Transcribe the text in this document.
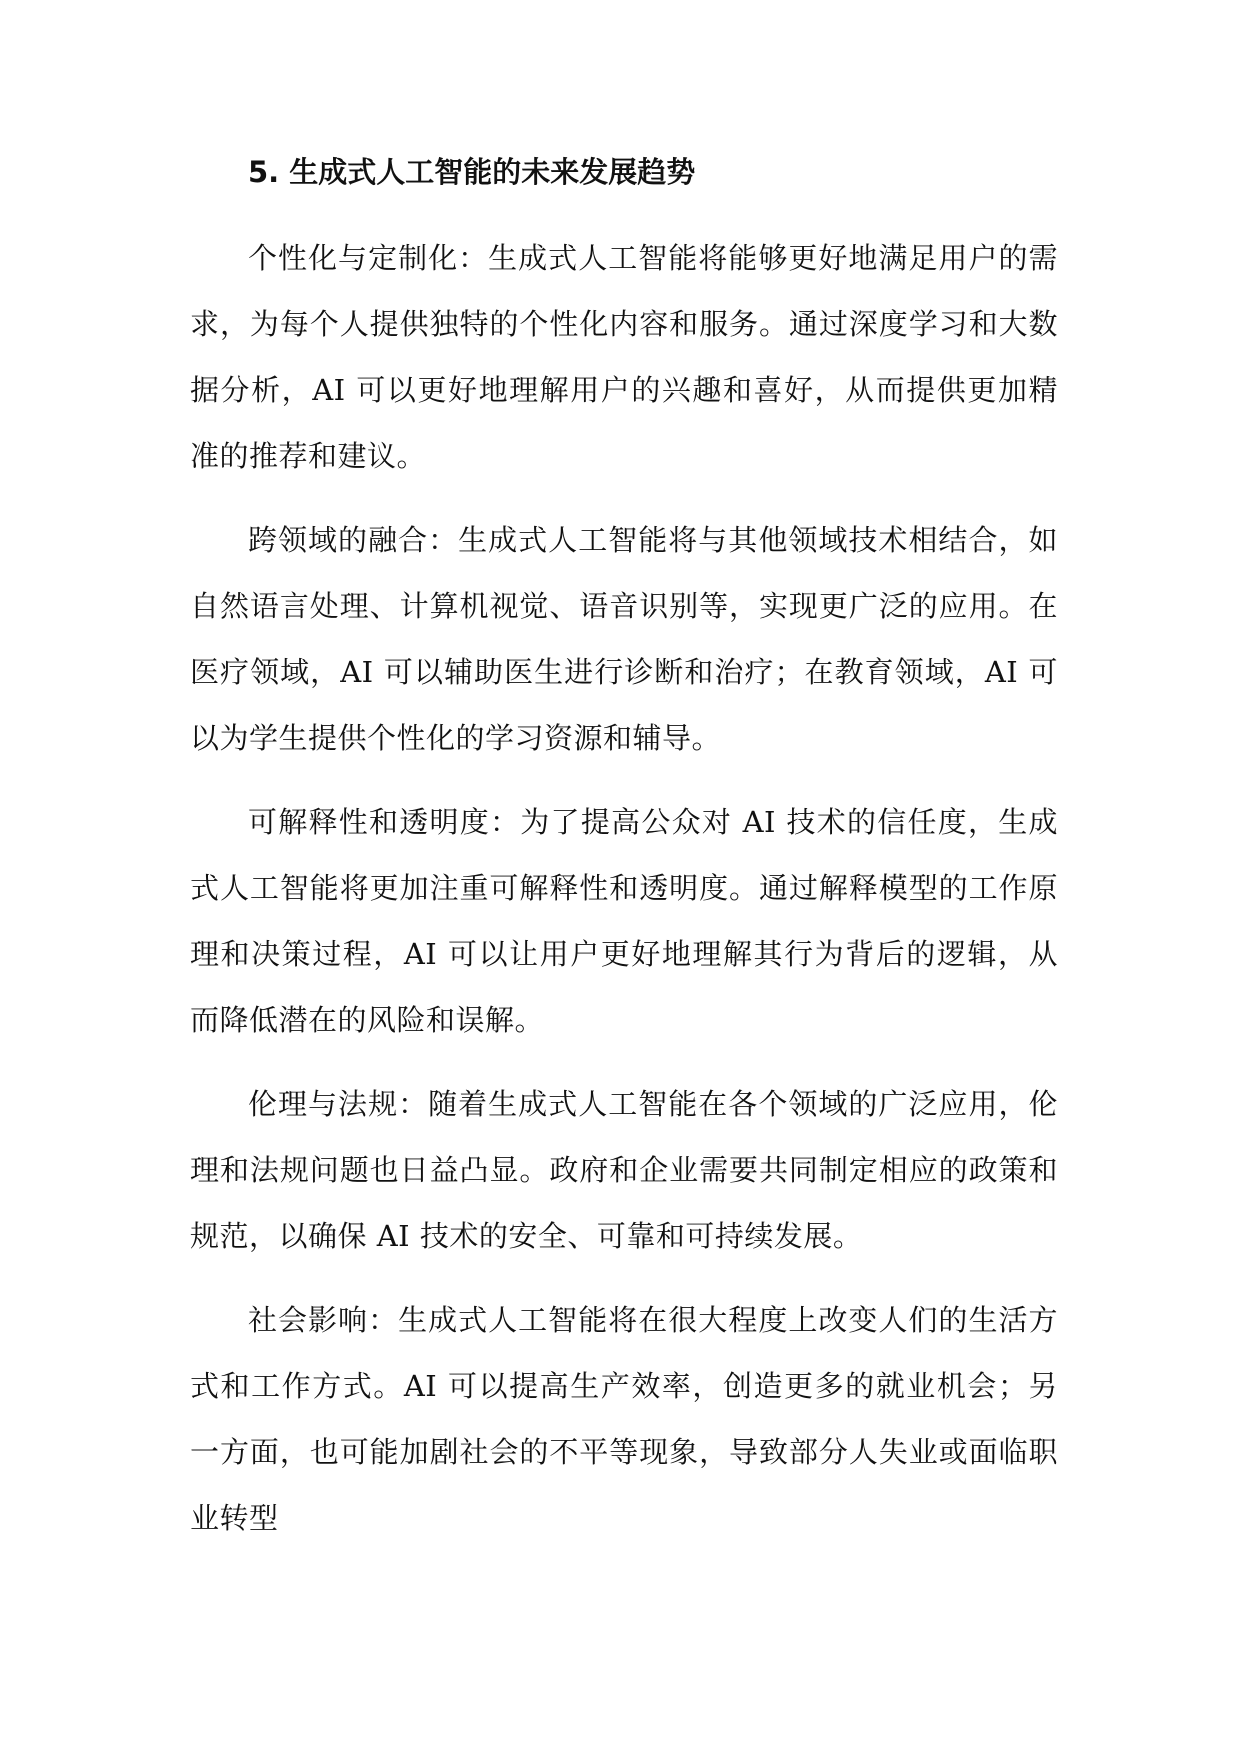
5. 生成式人工智能的未来发展趋势

个性化与定制化：生成式人工智能将能够更好地满足用户的需求，为每个人提供独特的个性化内容和服务。通过深度学习和大数据分析，AI 可以更好地理解用户的兴趣和喜好，从而提供更加精准的推荐和建议。

跨领域的融合：生成式人工智能将与其他领域技术相结合，如自然语言处理、计算机视觉、语音识别等，实现更广泛的应用。在医疗领域，AI 可以辅助医生进行诊断和治疗；在教育领域，AI 可以为学生提供个性化的学习资源和辅导。

可解释性和透明度：为了提高公众对 AI 技术的信任度，生成式人工智能将更加注重可解释性和透明度。通过解释模型的工作原理和决策过程，AI 可以让用户更好地理解其行为背后的逻辑，从而降低潜在的风险和误解。

伦理与法规：随着生成式人工智能在各个领域的广泛应用，伦理和法规问题也日益凸显。政府和企业需要共同制定相应的政策和规范，以确保 AI 技术的安全、可靠和可持续发展。

社会影响：生成式人工智能将在很大程度上改变人们的生活方式和工作方式。AI 可以提高生产效率，创造更多的就业机会；另一方面，也可能加剧社会的不平等现象，导致部分人失业或面临职业转型
